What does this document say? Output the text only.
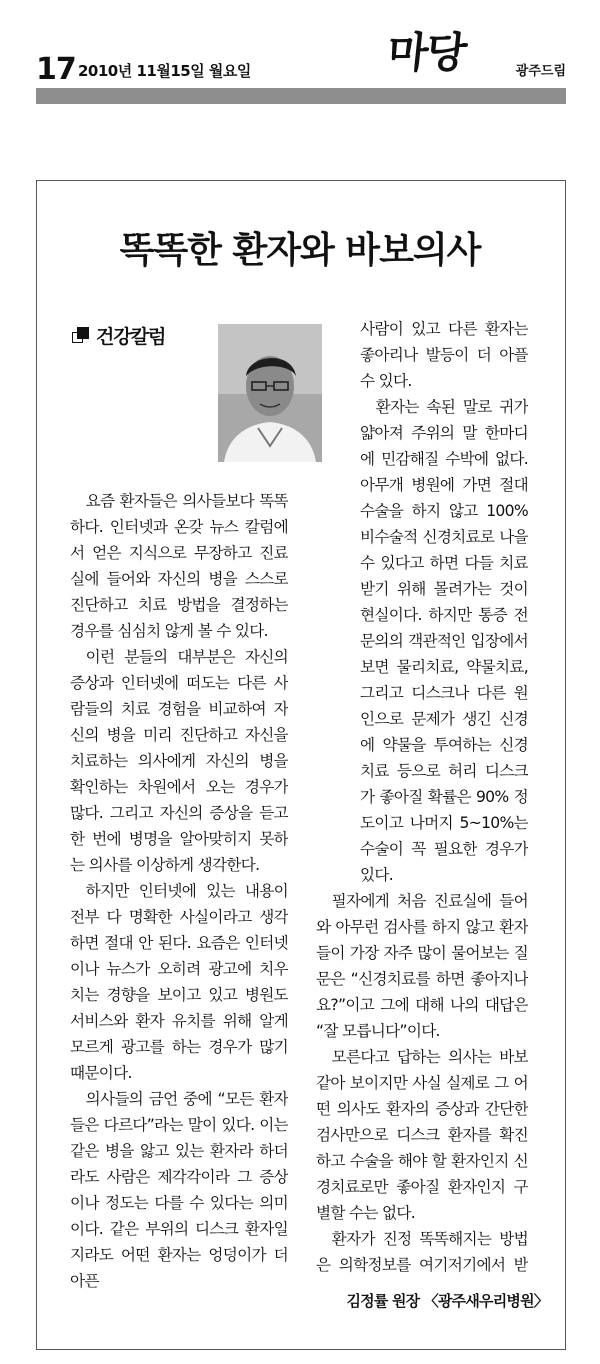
17 2010년 11월15일 월요일	마당	광주드림
똑똑한 환자와 바보의사
건강칼럼	사람이 있고 다른 환자는 좋아리나 발등이 더 아플 수 있다.

환자는 속된 말로 귀가 얇아져 주위의 말 한마디에 민감해질 수박에 없다. 아무개 병원에 가면 절대 수술을 하지 않고 100% 비수술적 신경치료로 나을 수 있다고 하면 다들 치료 받기 위해 몰려가는 것이 현실이다. 하지만 통증 전문의의 객관적인 입장에서 보면 물리치료, 약물치료, 그리고 디스크나 다른 원인으로 문제가 생긴 신경에 약물을 투여하는 신경 치료 등으로 허리 디스크가 좋아질 확률은 90% 정도이고 나머지 5~10%는 수술이 꼭 필요한 경우가 있다.

필자에게 처음 진료실에 들어와 아무런 검사를 하지 않고 환자들이 가장 자주 많이 물어보는 질문은 “신경치료를 하면 좋아지나요?”이고 그에 대해 나의 대답은 “잘 모릅니다”이다.

모른다고 답하는 의사는 바보 같아 보이지만 사실 실제로 그 어떤 의사도 환자의 증상과 간단한 검사만으로 디스크 환자를 확진하고 수술을 해야 할 환자인지 신경치료로만 좋아질 환자인지 구별할 수는 없다.

환자가 진정 똑똑해지는 방법은 의학정보를 여기저기에서 받

요즘 환자들은 의사들보다 똑똑하다. 인터넷과 온갖 뉴스 칼럼에서 얻은 지식으로 무장하고 진료실에 들어와 자신의 병을 스스로 진단하고 치료 방법을 결정하는 경우를 심심치 않게 볼 수 있다.

이런 분들의 대부분은 자신의 증상과 인터넷에 떠도는 다른 사람들의 치료 경험을 비교하여 자신의 병을 미리 진단하고 자신을 치료하는 의사에게 자신의 병을 확인하는 차원에서 오는 경우가 많다. 그리고 자신의 증상을 듣고 한 번에 병명을 알아맞히지 못하는 의사를 이상하게 생각한다.

하지만 인터넷에 있는 내용이 전부 다 명확한 사실이라고 생각하면 절대 안 된다. 요즘은 인터넷이나 뉴스가 오히려 광고에 치우치는 경향을 보이고 있고 병원도 서비스와 환자 유치를 위해 알게 모르게 광고를 하는 경우가 많기 때문이다.

의사들의 금언 중에 “모든 환자들은 다르다”라는 말이 있다. 이는 같은 병을 앓고 있는 환자라 하더라도 사람은 제각각이라 그 증상이나 정도는 다를 수 있다는 의미이다. 같은 부위의 디스크 환자일지라도 어떤 환자는 엉덩이가 더 아픈

김정률 원장 〈광주새우리병원〉
